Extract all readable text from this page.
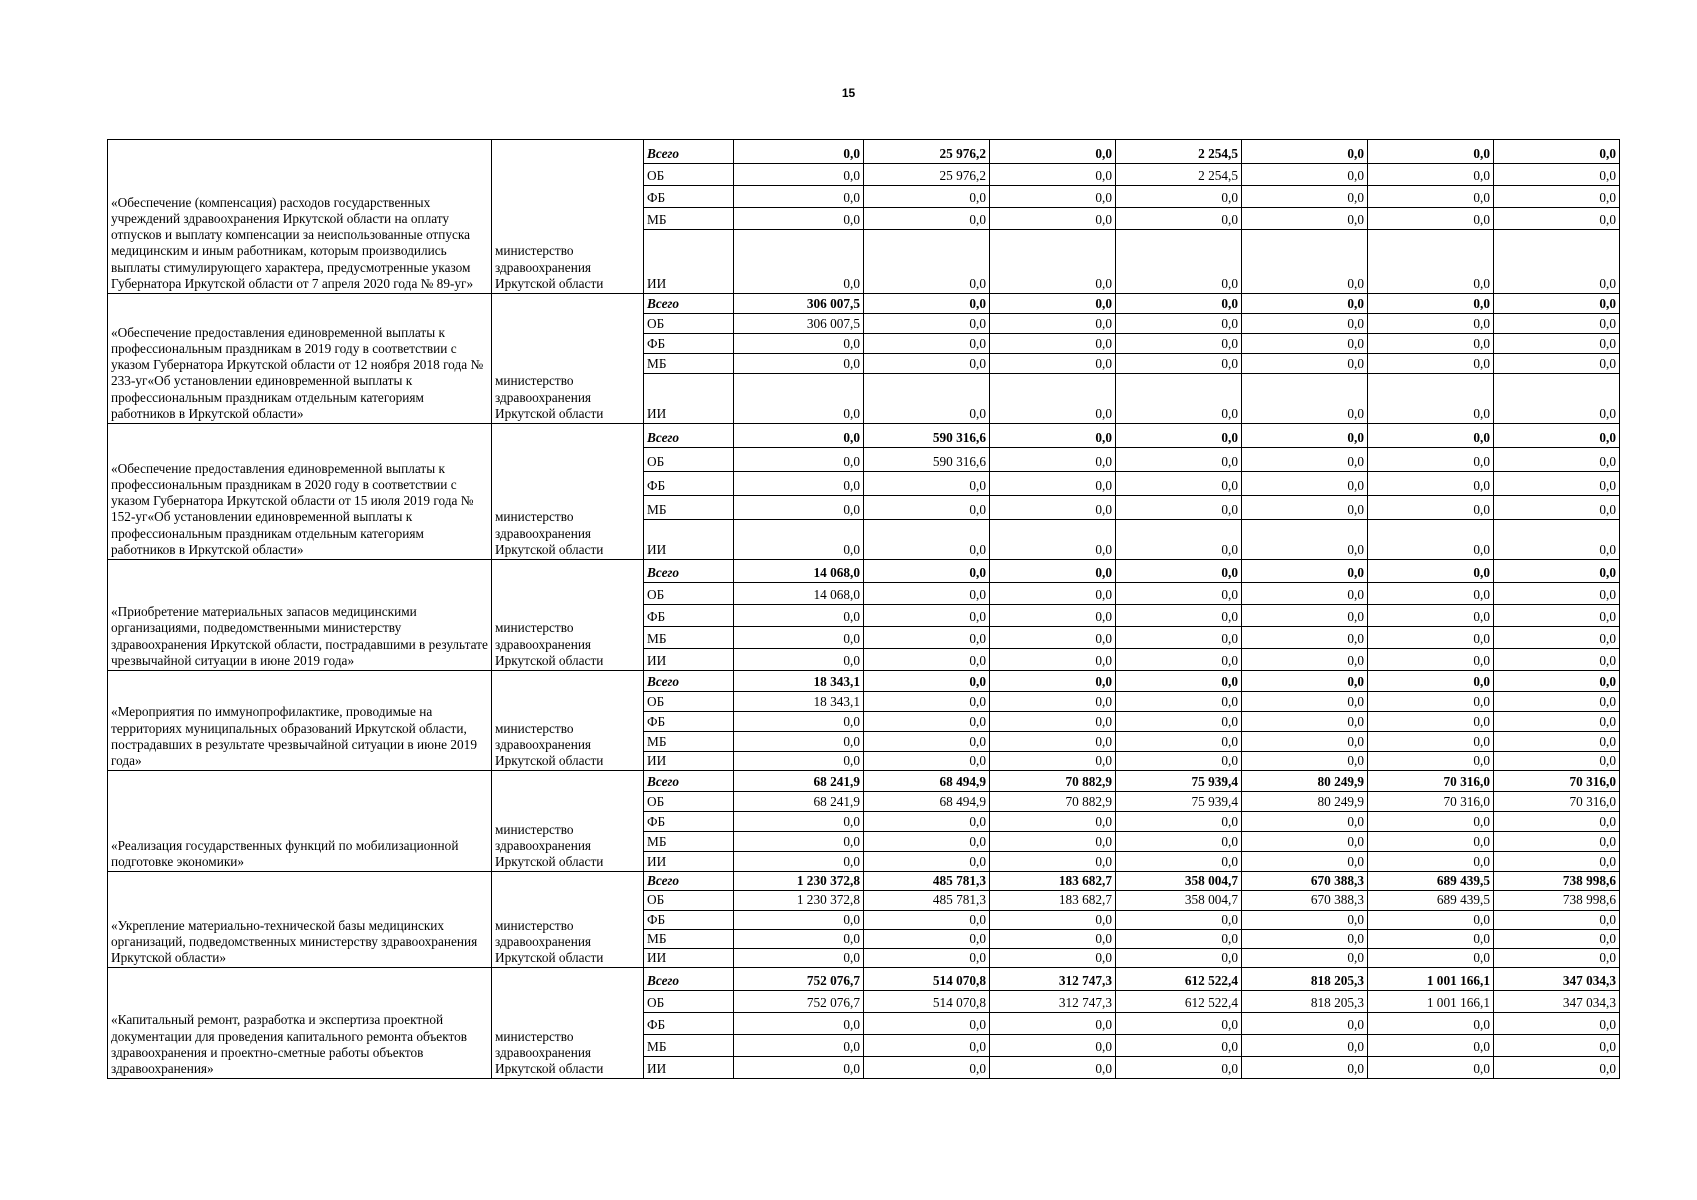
15
«Обеспечение (компенсация) расходов государственных учреждений здравоохранения Иркутской области на оплату отпусков и выплату компенсации за неиспользованные отпуска медицинским и иным работникам, которым производились выплаты стимулирующего характера, предусмотренные указом Губернатора Иркутской области от 7 апреля 2020 года № 89-уг»	министерство здравоохранения Иркутской области	Всего	0,0	25 976,2	0,0	2 254,5	0,0	0,0	0,0
		ОБ	0,0	25 976,2	0,0	2 254,5	0,0	0,0	0,0
		ФБ	0,0	0,0	0,0	0,0	0,0	0,0	0,0
		МБ	0,0	0,0	0,0	0,0	0,0	0,0	0,0
		ИИ	0,0	0,0	0,0	0,0	0,0	0,0	0,0
«Обеспечение предоставления единовременной выплаты к профессиональным праздникам в 2019 году в соответствии с указом Губернатора Иркутской области от 12 ноября 2018 года № 233-уг«Об установлении единовременной выплаты к профессиональным праздникам отдельным категориям работников в Иркутской области»	министерство здравоохранения Иркутской области	Всего	306 007,5	0,0	0,0	0,0	0,0	0,0	0,0
		ОБ	306 007,5	0,0	0,0	0,0	0,0	0,0	0,0
		ФБ	0,0	0,0	0,0	0,0	0,0	0,0	0,0
		МБ	0,0	0,0	0,0	0,0	0,0	0,0	0,0
		ИИ	0,0	0,0	0,0	0,0	0,0	0,0	0,0
«Обеспечение предоставления единовременной выплаты к профессиональным праздникам в 2020 году в соответствии с указом Губернатора Иркутской области от 15 июля 2019 года № 152-уг«Об установлении единовременной выплаты к профессиональным праздникам отдельным категориям работников в Иркутской области»	министерство здравоохранения Иркутской области	Всего	0,0	590 316,6	0,0	0,0	0,0	0,0	0,0
		ОБ	0,0	590 316,6	0,0	0,0	0,0	0,0	0,0
		ФБ	0,0	0,0	0,0	0,0	0,0	0,0	0,0
		МБ	0,0	0,0	0,0	0,0	0,0	0,0	0,0
		ИИ	0,0	0,0	0,0	0,0	0,0	0,0	0,0
«Приобретение материальных запасов медицинскими организациями, подведомственными министерству здравоохранения Иркутской области, пострадавшими в результате чрезвычайной ситуации в июне 2019 года»	министерство здравоохранения Иркутской области	Всего	14 068,0	0,0	0,0	0,0	0,0	0,0	0,0
		ОБ	14 068,0	0,0	0,0	0,0	0,0	0,0	0,0
		ФБ	0,0	0,0	0,0	0,0	0,0	0,0	0,0
		МБ	0,0	0,0	0,0	0,0	0,0	0,0	0,0
		ИИ	0,0	0,0	0,0	0,0	0,0	0,0	0,0
«Мероприятия по иммунопрофилактике, проводимые на территориях муниципальных образований Иркутской области, пострадавших в результате чрезвычайной ситуации в июне 2019 года»	министерство здравоохранения Иркутской области	Всего	18 343,1	0,0	0,0	0,0	0,0	0,0	0,0
		ОБ	18 343,1	0,0	0,0	0,0	0,0	0,0	0,0
		ФБ	0,0	0,0	0,0	0,0	0,0	0,0	0,0
		МБ	0,0	0,0	0,0	0,0	0,0	0,0	0,0
		ИИ	0,0	0,0	0,0	0,0	0,0	0,0	0,0
«Реализация государственных функций по мобилизационной подготовке экономики»	министерство здравоохранения Иркутской области	Всего	68 241,9	68 494,9	70 882,9	75 939,4	80 249,9	70 316,0	70 316,0
		ОБ	68 241,9	68 494,9	70 882,9	75 939,4	80 249,9	70 316,0	70 316,0
		ФБ	0,0	0,0	0,0	0,0	0,0	0,0	0,0
		МБ	0,0	0,0	0,0	0,0	0,0	0,0	0,0
		ИИ	0,0	0,0	0,0	0,0	0,0	0,0	0,0
«Укрепление материально-технической базы медицинских организаций, подведомственных министерству здравоохранения Иркутской области»	министерство здравоохранения Иркутской области	Всего	1 230 372,8	485 781,3	183 682,7	358 004,7	670 388,3	689 439,5	738 998,6
		ОБ	1 230 372,8	485 781,3	183 682,7	358 004,7	670 388,3	689 439,5	738 998,6
		ФБ	0,0	0,0	0,0	0,0	0,0	0,0	0,0
		МБ	0,0	0,0	0,0	0,0	0,0	0,0	0,0
		ИИ	0,0	0,0	0,0	0,0	0,0	0,0	0,0
«Капитальный ремонт, разработка и экспертиза проектной документации для проведения капитального ремонта объектов здравоохранения и проектно-сметные работы объектов здравоохранения»	министерство здравоохранения Иркутской области	Всего	752 076,7	514 070,8	312 747,3	612 522,4	818 205,3	1 001 166,1	347 034,3
		ОБ	752 076,7	514 070,8	312 747,3	612 522,4	818 205,3	1 001 166,1	347 034,3
		ФБ	0,0	0,0	0,0	0,0	0,0	0,0	0,0
		МБ	0,0	0,0	0,0	0,0	0,0	0,0	0,0
		ИИ	0,0	0,0	0,0	0,0	0,0	0,0	0,0
